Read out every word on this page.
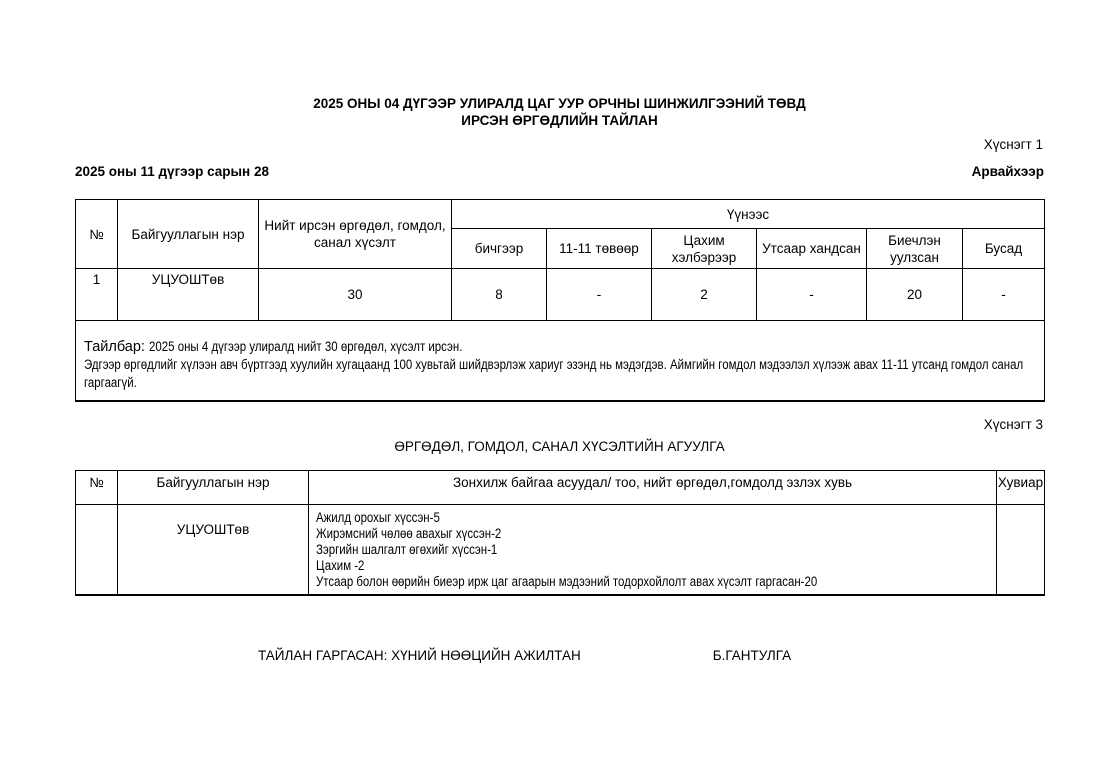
2025 ОНЫ 04 ДҮГЭЭР УЛИРАЛД ЦАГ УУР ОРЧНЫ ШИНЖИЛГЭЭНИЙ ТӨВД
ИРСЭН ӨРГӨДЛИЙН ТАЙЛАН
Хүснэгт 1
2025 оны 11 дүгээр сарын 28	Арвайхээр
№	Байгууллагын нэр	Нийт ирсэн өргөдөл, гомдол, санал хүсэлт	Үүнээс					
			бичгээр	11-11 төвөөр	Цахим хэлбэрээр	Утсаар хандсан	Биечлэн уулзсан	Бусад
1	УЦУОШТөв	30	8	-	2	-	20	-

Тайлбар: 2025 оны 4 дүгээр улиралд нийт 30 өргөдөл, хүсэлт ирсэн.
Эдгээр өргөдлийг хүлээн авч бүртгээд хуулийн хугацаанд 100 хувьтай шийдвэрлэж хариуг эзэнд нь мэдэгдэв. Аймгийн гомдол мэдээлэл хүлээж авах 11-11 утсанд гомдол санал гаргаагүй.								
Хүснэгт 3
ӨРГӨДӨЛ, ГОМДОЛ, САНАЛ ХҮСЭЛТИЙН АГУУЛГА
№	Байгууллагын нэр	Зонхилж байгаа асуудал/ тоо, нийт өргөдөл,гомдолд эзлэх хувь	Хувиар
	УЦУОШТөв	Ажилд орохыг хүссэн-5
Жирэмсний чөлөө авахыг хүссэн-2
Зэргийн шалгалт өгөхийг хүссэн-1
Цахим -2
Утсаар болон өөрийн биеэр ирж цаг агаарын мэдээний тодорхойлолт авах хүсэлт гаргасан-20	

ТАЙЛАН ГАРГАСАН: ХҮНИЙ НӨӨЦИЙН АЖИЛТАН	Б.ГАНТУЛГА
